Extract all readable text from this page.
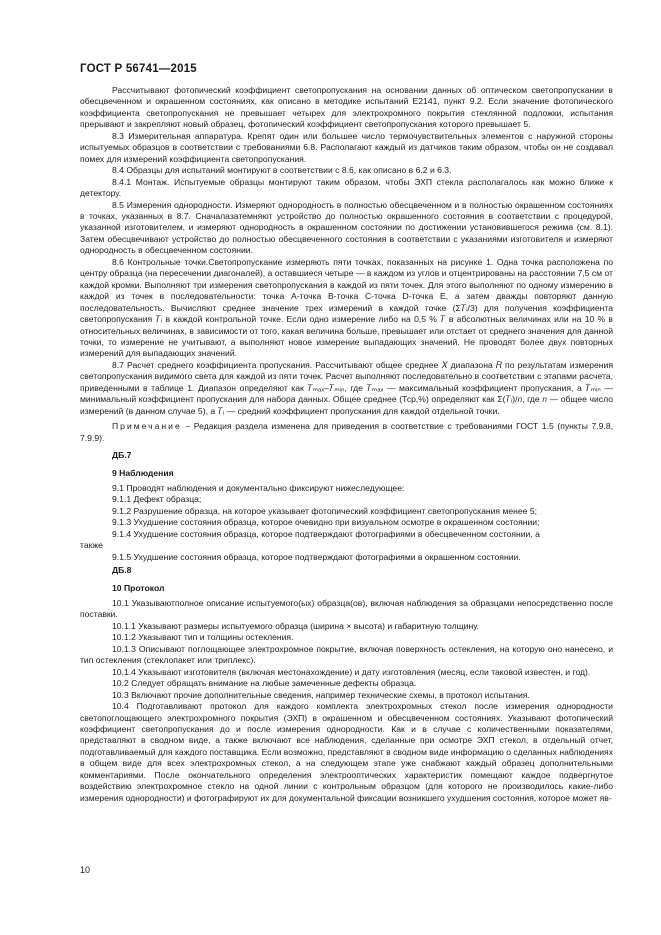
ГОСТ Р 56741—2015

Рассчитывают фотопический коэффициент светопропускания на основании данных об оптическом светопропускании в обесцвеченном и окрашенном состояниях, как описано в методике испытаний E2141, пункт 9.2. Если значение фотопического коэффициента светопропускания не превышает четырех для электрохромного покрытия стеклянной подложки, испытания прерывают и закрепляют новый образец, фотопический коэффициент светопропускания которого превышает 5.

8.3 Измерительная аппаратура. Крепят один или большее число термочувствительных элементов с наружной стороны испытуемых образцов в соответствии с требованиями 6.8. Располагают каждый из датчиков таким образом, чтобы он не создавал помех для измерений коэффициента светопропускания.

8.4 Образцы для испытаний монтируют в соответствии с 8.6, как описано в 6.2 и 6.3.

8.4.1 Монтаж. Испытуемые образцы монтируют таким образом, чтобы ЭХП стекла располагалось как можно ближе к детектору.

8.5 Измерения однородности. Измеряют однородность в полностью обесцвеченном и в полностью окрашенном состояниях в точках, указанных в 8.7. Сначалазатемняют устройство до полностью окрашенного состояния в соответствии с процедурой, указанной изготовителем, и измеряют однородность в окрашенном состоянии по достижении установившегося режима (см. 8.1). Затем обесцвечивают устройство до полностью обесцвеченного состояния в соответствии с указаниями изготовителя и измеряют однородность в обесцвеченном состоянии.

8.6 Контрольные точки.Светопропускание измеряють пяти точках, показанных на рисунке 1. Одна точка расположена по центру образца (на пересечении диагоналей), а оставшиеся четыре — в каждом из углов и отцентрированы на расстоянии 7,5 см от каждой кромки. Выполняют три измерения светопропускания в каждой из пяти точек. Для этого выполняют по одному измерению в каждой из точек в последовательности: точка А-точка В-точка С-точка D-точка E, а затем дважды повторяют данную последовательность. Вычисляют среднее значение трех измерений в каждой точке (Σ𝑇ᵢ/3) для получения коэффициента светопропускания 𝑇ᵢ в каждой контрольной точке. Если одно измерение либо на 0,5 % 𝑇 в абсолютных величинах или на 10 % в относительных величинах, в зависимости от того, какая величина больше, превышает или отстает от среднего значения для данной точки, то измерение не учитывают, а выполняют новое измерение выпадающих значений. Не проводят более двух повторных измерений для выпадающих значений.

8.7 Расчет среднего коэффициента пропускания. Рассчитывают общее среднее 𝑋 диапазона 𝑅 по результатам измерения светопропускания видимого света для каждой из пяти точек. Расчет выполняют последовательно в соответствии с этапами расчета, приведенными в таблице 1. Диапазон определяют как 𝑇ₘₐₓ–𝑇ₘᵢₙ, где 𝑇ₘₐₓ — максимальный коэффициент пропускания, а 𝑇ₘᵢₙ — минимальный коэффициент пропускания для набора данных. Общее среднее (Тср,%) определяют как Σ(𝑇ᵢ)/𝑛, где 𝑛 — общее число измерений (в данном случае 5), а 𝑇ᵢ — средний коэффициент пропускания для каждой отдельной точки.

Примечание – Редакция раздела изменена для приведения в соответствие с требованиями ГОСТ 1.5 (пункты 7.9.8, 7.9.9).

ДБ.7

9 Наблюдения

9.1 Проводят наблюдения и документально фиксируют нижеследующее:

9.1.1 Дефект образца;

9.1.2 Разрушение образца, на которое указывает фотопический коэффициент светопропускания менее 5;

9.1.3 Ухудшение состояния образца, которое очевидно при визуальном осмотре в окрашенном состоянии;

9.1.4 Ухудшение состояния образца, которое подтверждают фотографиями в обесцвеченном состоянии, а

также

9.1.5 Ухудшение состояния образца, которое подтверждают фотографиями в окрашенном состоянии.

ДБ.8

10 Протокол

10.1 Указываютполное описание испытуемого(ых) образца(ов), включая наблюдения за образцами непосредственно после поставки.

10.1.1 Указывают размеры испытуемого образца (ширина × высота) и габаритную толщину.

10.1.2 Указывают тип и толщины остекления.

10.1.3 Описывают поглощающее электрохромное покрытие, включая поверхность остекления, на которую оно нанесено, и тип остекления (стеклопакет или триплекс).

10.1.4 Указывают изготовителя (включая местонахождение) и дату изготовления (месяц, если таковой известен, и год).

10.2 Следует обращать внимание на любые замеченные дефекты образца.

10.3 Включают прочие дополнительные сведения, например технические схемы, в протокол испытания.

10.4 Подготавливают протокол для каждого комплекта электрохромных стекол после измерения однородности светопоглощающего электрохромного покрытия (ЭХП) в окрашенном и обесцвеченном состояниях. Указывают фотопический коэффициент светопропускания до и после измерения однородности. Как и в случае с количественными показателями, представляют в сводном виде, а также включают все наблюдения, сделанные при осмотре ЭХП стекол, в отдельный отчет, подготавливаемый для каждого поставщика. Если возможно, представляют в сводном виде информацию о сделанных наблюдениях в общем виде для всех электрохромных стекол, а на следующем этапе уже снабжают каждый образец дополнительными комментариями. После окончательного определения электрооптических характеристик помещают каждое подвергнутое воздействию электрохромное стекло на одной линии с контрольным образцом (для которого не производилось какие-либо измерения однородности) и фотографируют их для документальной фиксации возникшего ухудшения состояния, которое может яв-

10
